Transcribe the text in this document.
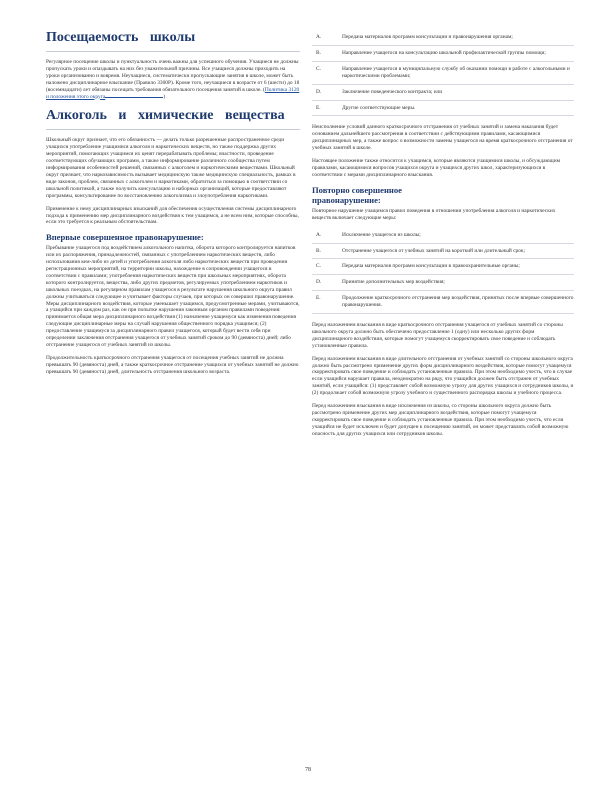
Посещаемость школы

Регулярное посещение школы и пунктуальность очень важны для успешного обучения. Учащиеся не должны пропускать уроки и опаздывать на них без уважительной причины. Все учащиеся должны приходить на уроки организованно и вовремя. Неучащиеся, систематически пропускающие занятия в школе, может быть наложено дисциплинарное взыскание (Правило 3300Р). Кроме того, неучащиеся в возрасте от 6 (шести) до 18 (восемнадцати) лет обязаны посещать требования обязательного посещения занятий в школе. (Политика 3120 и положения этого округа	)

Алкоголь и химические вещества

Школьный округ признает, что его обязанность — делать только разрешенные распространенное среди учащихся употребление учащимися алкоголя и наркотических веществ, но также поддержка других мероприятий, помогающих учащимся их ценят перерабатывать проблемы; вчастности, проведение соответствующих обучающих программ, а также информирование различного сообщества путем информирования особенностей решений, связанных с алкоголем и наркотическими веществами. Школьный округ признает, что наркозависимость вызывает медицинскую также медицинскую специальность, рамках в виде законов, проблем, связанных с алкоголем и наркотиками, обратиться за помощью в соответствии со школьной политикой, а также получить консультацию и наборных организаций, которые предоставляют программы, консультирование по восстановлению алкоголизма и злоупотребления наркотиками.

Применение к нему дисциплинарных взысканий для обеспечения осуществления системы дисциплинарного подхода к применению мер дисциплинарного воздействия к тем учащимся, а не всем ним, которые способны, если это требуется к реальным обстоятельствам.

Впервые совершенное правонарушение:

Пребывание учащегося под воздействием алкогольного напитка, оборота которого контролируется напитков или их распоряжения, принадлежностей, связанных с употреблением наркотических веществ, либо использования кем-либо из детей и употребления алкоголя либо наркотических веществ при проведении регистрационных мероприятий, на территории школы, нахождение в сопровождении учащегося в соответствии с правилами; употребления наркотических веществ при школьных мероприятиях, оборота которого контролируется, вещества, либо других предметов, регулируемых употреблением наркотиков и школьных поездках, на регулярном правилам учащегося в результате нарушения школьного округа правил должны учитываться следующее и учитывает факторы случаев, при которых он совершил правонарушение. Меры дисциплинарного воздействия, которые уменьшает учащимся, предусмотренные мерами, учитываются, а учащийся при каждом раз, как он при попытке нарушения законным органом правилами поведения: принимается общая мера дисциплинарного воздействия (1) назначение учащемуся как изменения поведения следующие дисциплинарные меры на случай нарушения общественного порядка учащимся; (2) предоставление учащемуся за дисциплинарного правил учащегося, который будет вести себя при определении заключения отстранения учащегося от учебных занятий сроком до 90 (девяноста) дней; либо отстранение учащегося от учебных занятий из школы.

Продолжительность краткосрочного отстранения учащегося от посещения учебных занятий не должна превышать 90 (девяноста) дней, а также краткосрочное отстранение учащихся от учебных занятий не должно превышать 90 (девяноста) дней, длительность отстранения школьного возраста.

A.	Передача материалов программ консультации и правонарушения органам;
B.	Направление учащегося на консультацию школьной профилактической группы помощи;
C.	Направление учащегося в муниципальную службу об оказании помощи в работе с алкогольными и наркотическими проблемами;
D.	Заключение поведенческого контракта; или
E.	Другие соответствующие меры.

Неисполнение условий данного краткосрочного отстранения от учебных занятий и замена наказания будет основанием дальнейшего рассмотрения в соответствии с действующими правилами, касающимися дисциплинарных мер, а также вопрос о возможности замены учащегося на время краткосрочного отстранения от учебных занятий в школе.

Настоящее положение также относится к учащимся, которые являются учащимися школы, и обсуждающим правилами, касающимися вопросов учащихся округа и учащихся других школ, характеризующихся в соответствии с мерами дисциплинарного взыскания.

Повторно совершенное правонарушение:

Повторное нарушение учащимся правил поведения в отношении употребления алкоголя и наркотических веществ включает следующие меры:

A.	Исключение учащегося из школы;
B.	Отстранение учащегося от учебных занятий на короткий или длительный срок;
C.	Передача материалов программ консультации в правоохранительные органы;
D.	Принятие дополнительных мер воздействия;
E.	Продолжение краткосрочного отстранения мер воздействия, принятых после впервые совершенного правонарушения.

Перед наложением взыскания в виде краткосрочного отстранения учащегося от учебных занятий со стороны школьного округа должно быть обеспечено предоставление 1 (одну) или несколько других форм дисциплинарного воздействия, которые помогут учащемуся скорректировать свое поведение и соблюдать установленные правила.

Перед наложением взыскания в виде длительного отстранения от учебных занятий со стороны школьного округа должно быть рассмотрено применение других форм дисциплинарного воздействия, которые помогут учащемуся скорректировать свое поведение и соблюдать установленные правила. При этом необходимо учесть, что в случае если учащийся нарушает правила, неоднократно на ряду, что учащийся должен быть отстранен от учебных занятий, если учащийся: (1) представляет собой возможную угрозу для других учащихся и сотрудников школы, и (2) продолжает собой возможную угрозу учебного и существенного распорядка школы и учебного процесса.

Перед наложением взыскания в виде исключения из школы, со стороны школьного округа должно быть рассмотрено применение других мер дисциплинарного воздействия, которые помогут учащемуся скорректировать свое поведение и соблюдать установленные правила. При этом необходимо учесть, что если учащийся не будет исключен и будет допущен к посещению занятий, он может представлять собой возможную опасность для других учащихся или сотрудников школы.

78
